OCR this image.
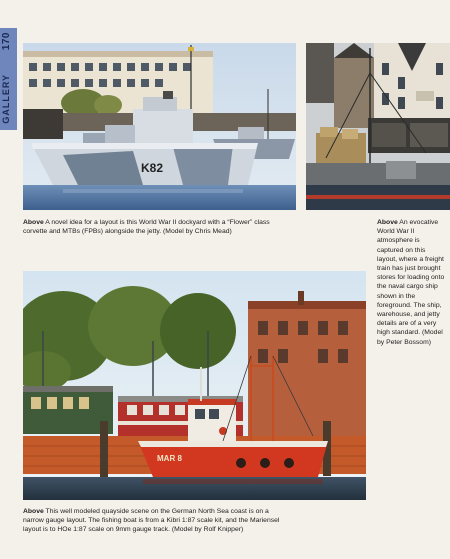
170
GALLERY
K82
MAR 8
Above A novel idea for a layout is this World War II dockyard with a “Flower” class corvette and MTBs (FPBs) alongside the jetty. (Model by Chris Mead)
Above An evocative World War II atmosphere is captured on this layout, where a freight train has just brought stores for loading onto the naval cargo ship shown in the foreground. The ship, warehouse, and jetty details are of a very high standard. (Model by Peter Bossom)
Above This well modeled quayside scene on the German North Sea coast is on a narrow gauge layout. The fishing boat is from a Kibri 1:87 scale kit, and the Mariensel layout is to HOe 1:87 scale on 9mm gauge track. (Model by Rolf Knipper)
